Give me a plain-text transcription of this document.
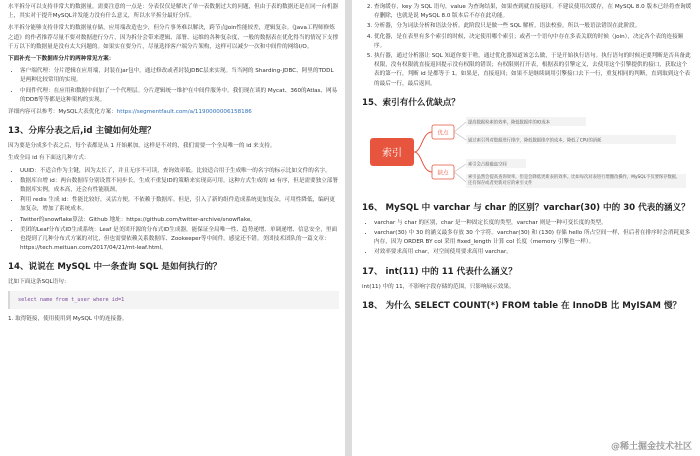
水平拆分可以支持非常大的数据量。需要注意的一点是：分表仅仅是解决了单一表数据过大的问题，但由于表的数据还是在同一台机器上，其实对于提升MySQL并发能力没有什么意义，所以水平拆分最好分库。

水平拆分能够支持非常大的数据量存储，应用端改造也少，但分片事务难以解决，跨节点Join性能较差，逻辑复杂。《Java工程师修炼之道》的作者推荐尽量不要对数据进行分片，因为拆分会带来逻辑、部署、运维的各种复杂度，一般的数据表在优化得当的情况下支撑千万以下的数据量是没有太大问题的。如果实在要分片，尽量选择客户端分片架构，这样可以减少一次和中间件的网络I/O。

下面补充一下数据库分片的两种常见方案：

• 客户端代理：分片逻辑在应用端，封装在jar包中，通过修改或者封装JDBC层来实现。当当网的 Sharding-JDBC、阿里的TDDL是两种比较常用的实现。
• 中间件代理：在应用和数据中间加了一个代理层。分片逻辑统一维护在中间件服务中。我们现在谈的 Mycat、360的Atlas、网易的DDB等等都是这种架构的实现。

详细内容可以参考：MySQL大表优化方案：https://segmentfault.com/a/1190000006158186

13、分库分表之后,id 主键如何处理？

因为要是分成多个表之后，每个表都是从 1 开始累加，这样是不对的，我们需要一个全局唯一的 id 来支持。

生成全局 id 有下面这几种方式：

• UUID：不适合作为主键，因为太长了，并且无序不可读，查询效率低。比较适合用于生成唯一的名字的标示比如文件的名字。
• 数据库自增 id：两台数据库分别设置不同步长，生成不重复ID的策略来实现高可用。这种方式生成的 id 有序，但是需要独立部署数据库实例，成本高，还会有性能瓶颈。
• 利用 redis 生成 id：性能比较好，灵活方便，不依赖于数据库。但是，引入了新的组件造成系统更加复杂，可用性降低，编码更加复杂，增加了系统成本。
• Twitter的snowflake算法：Github 地址：https://github.com/twitter-archive/snowflake。
• 美团的Leaf分布式ID生成系统：Leaf 是美团开源的分布式ID生成器，能保证全局唯一性、趋势递增、单调递增、信息安全，里面也提到了几种分布式方案的对比，但也需要依赖关系数据库、Zookeeper等中间件。感觉还不错。美团技术团队的一篇文章：https://tech.meituan.com/2017/04/21/mt-leaf.html。
14、说说在 MySQL 中一条查询 SQL 是如何执行的？

比如下面这条SQL语句：

select name from t_user where id=1

1. 取得链接，使用使用到 MySQL 中的连接器。

2. 查询缓存，key 为 SQL 语句，value 为查询结果，如果查到就直接返回。不建议使用次缓存，在 MySQL 8.0 版本已经将查询缓存删除，也就是说 MySQL 8.0 版本后不存在此功能。
3. 分析器，分为词法分析和语法分析。此阶段只是做一些 SQL 解析，语法校验。所以一般语法错误在此阶段。
4. 优化器，是在表里有多个索引的时候，决定使用哪个索引；或者一个语句中存在多表关联的时候（join），决定各个表的连接顺序。
5. 执行器，通过分析器让 SQL 知道你要干啥，通过优化器知道该怎么做，于是开始执行语句。执行语句的时候还要判断是否具备此权限，没有权限就直接返回提示没有权限的错误；有权限则打开表，根据表的引擎定义，去使用这个引擎提供的接口，获取这个表的第一行，判断 id 是都等于 1。如果是，直接返回；如果不是继续调用引擎接口去下一行，重复相同的判断，直到取到这个表的最后一行，最后返回。
15、索引有什么优缺点？
索引
优点
缺点
提高数据检索的效率，降低数据库的IO成本
通过索引列对数据进行排序，降低数据排序的成本，降低了CPU的消耗
索引会占据磁盘空间
索引虽然会提高查询效率，但是会降低更新表的效率。比如每次对表进行增删改操作，MySQL不仅要保存数据，还有保存或者更新对应的索引文件
16、 MySQL 中 varchar 与 char 的区别？varchar(30) 中的 30 代表的涵义？
• varchar 与 char 的区别，char 是一种固定长度的类型，varchar 则是一种可变长度的类型。
• varchar(30) 中 30 的涵义最多存放 30 个字符。varchar(30) 和 (130) 存储 hello 所占空间一样，但后者在排序时会消耗更多内存，因为 ORDER BY col 采用 fixed_length 计算 col 长度（memory 引擎也一样）。
• 对效率要求高用 char，对空间使用要求高用 varchar。
17、 int(11) 中的 11 代表什么涵义？

int(11) 中的 11，不影响字段存储的范围，只影响展示效果。

18、 为什么 SELECT COUNT(*) FROM table 在 InnoDB 比 MyISAM 慢？
@稀土掘金技术社区
